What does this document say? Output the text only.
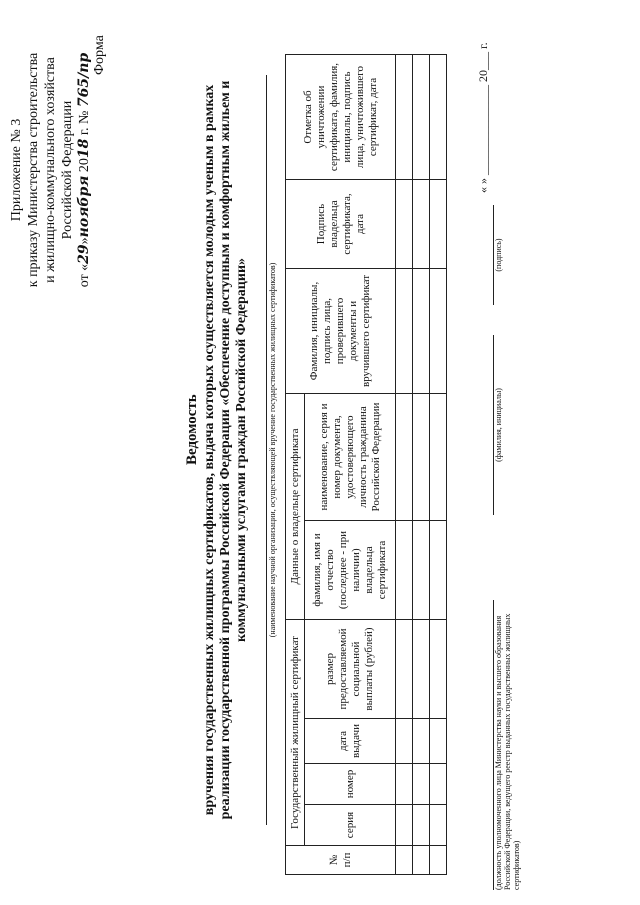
Приложение № 3 к приказу Министерства строительства и жилищно-коммунального хозяйства Российской Федерации
от «29»ноября 2018 г. № 765/пр Форма
Ведомость вручения государственных жилищных сертификатов, выдача которых осуществляется молодым ученым в рамках реализации государственной программы Российской Федерации «Обеспечение доступным и комфортным жильем и коммунальными услугами граждан Российской Федерации» (наименование научной организации, осуществляющей вручение государственных жилищных сертификатов)
№ п/п	Государственный жилищный сертификат				Данные о владельце сертификата		Фамилия, инициалы, подпись лица, проверившего документы и вручившего сертификат	Подпись владельца сертификата, дата	Отметка об уничтожении сертификата, фамилия, инициалы, подпись лица, уничтожившего сертификат, дата
	серия	номер	дата выдачи	размер предоставляемой социальной выплаты (рублей)	фамилия, имя и отчество (последнее - при наличии) владельца сертификата	наименование, серия и номер документа, удостоверяющего личность гражданина Российской Федерации			

(должность уполномоченного лица Министерства науки и высшего образования Российской Федерации, ведущего реестр выданных государственных жилищных сертификатов)
(фамилия, инициалы)
(подпись)
« » _______________ 20___ г.
